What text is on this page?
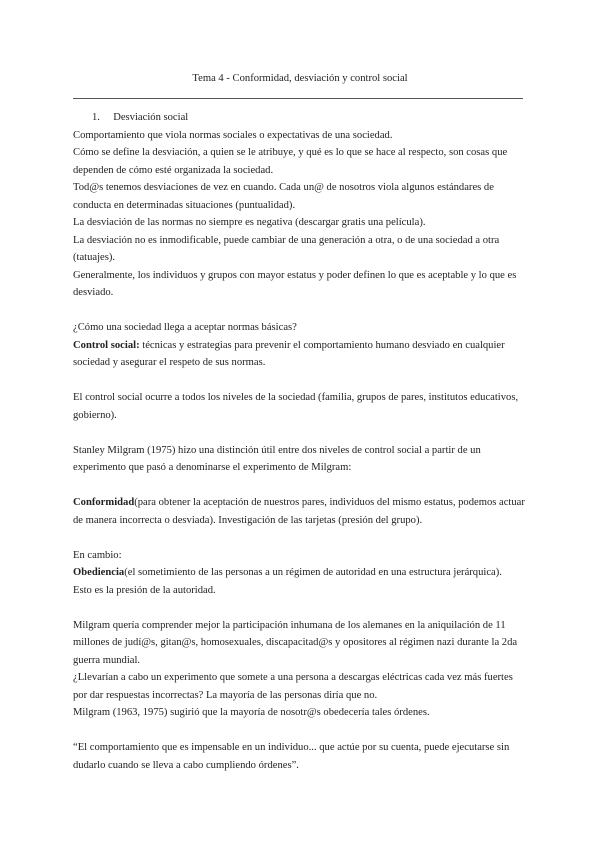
Tema 4 - Conformidad, desviación y control social

1. Desviación social

Comportamiento que viola normas sociales o expectativas de una sociedad.

Cómo se define la desviación, a quien se le atribuye, y qué es lo que se hace al respecto, son cosas que dependen de cómo esté organizada la sociedad.

Tod@s tenemos desviaciones de vez en cuando. Cada un@ de nosotros viola algunos estándares de conducta en determinadas situaciones (puntualidad).

La desviación de las normas no siempre es negativa (descargar gratis una película).

La desviación no es inmodificable, puede cambiar de una generación a otra, o de una sociedad a otra (tatuajes).

Generalmente, los individuos y grupos con mayor estatus y poder definen lo que es aceptable y lo que es desviado.

¿Cómo una sociedad llega a aceptar normas básicas?

Control social: técnicas y estrategias para prevenir el comportamiento humano desviado en cualquier sociedad y asegurar el respeto de sus normas.

El control social ocurre a todos los niveles de la sociedad (familia, grupos de pares, institutos educativos, gobierno).

Stanley Milgram (1975) hizo una distinción útil entre dos niveles de control social a partir de un experimento que pasó a denominarse el experimento de Milgram:

Conformidad(para obtener la aceptación de nuestros pares, individuos del mismo estatus, podemos actuar de manera incorrecta o desviada). Investigación de las tarjetas (presión del grupo).

En cambio:

Obediencia(el sometimiento de las personas a un régimen de autoridad en una estructura jerárquica).

Esto es la presión de la autoridad.

Milgram quería comprender mejor la participación inhumana de los alemanes en la aniquilación de 11 millones de judí@s, gitan@s, homosexuales, discapacitad@s y opositores al régimen nazi durante la 2da guerra mundial.

¿Llevarían a cabo un experimento que somete a una persona a descargas eléctricas cada vez más fuertes por dar respuestas incorrectas? La mayoría de las personas diría que no.

Milgram (1963, 1975) sugirió que la mayoría de nosotr@s obedecería tales órdenes.

“El comportamiento que es impensable en un individuo... que actúe por su cuenta, puede ejecutarse sin dudarlo cuando se lleva a cabo cumpliendo órdenes”.
